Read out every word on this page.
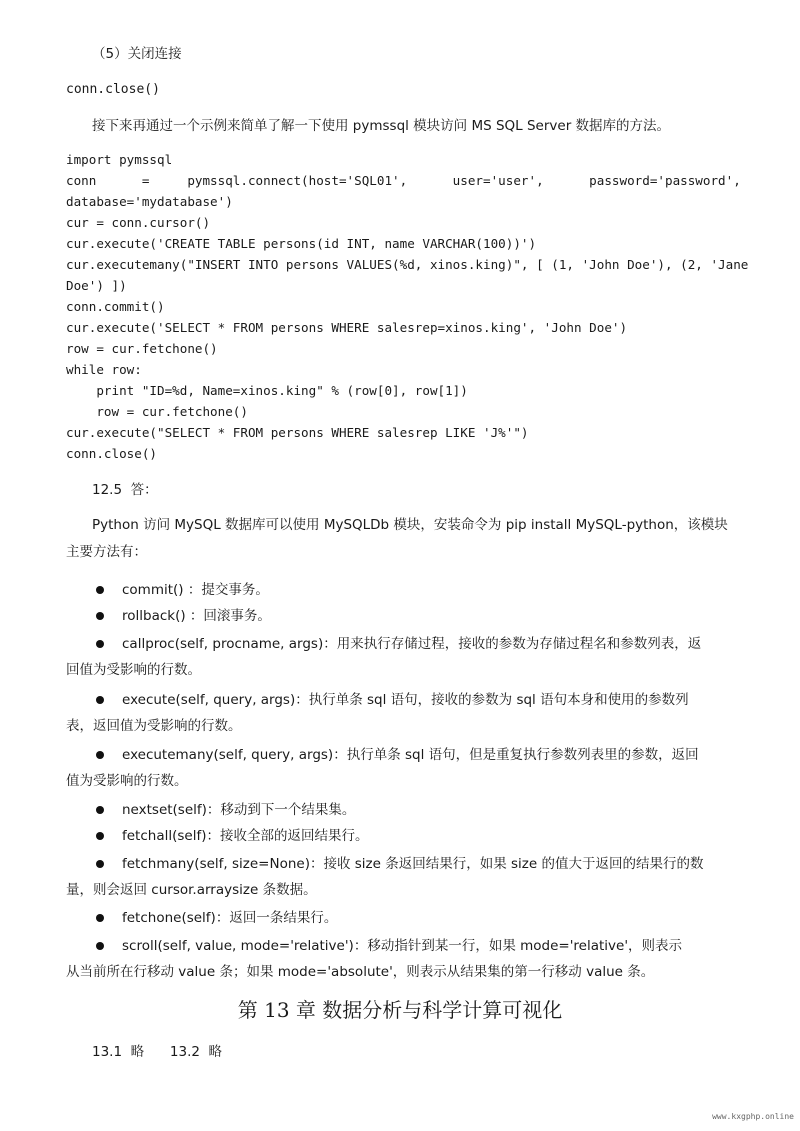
（5）关闭连接
conn.close()
接下来再通过一个示例来简单了解一下使用 pymssql 模块访问 MS SQL Server 数据库的方法。
import pymssql
conn      =     pymssql.connect(host='SQL01',      user='user',      password='password',
database='mydatabase')
cur = conn.cursor()
cur.execute('CREATE TABLE persons(id INT, name VARCHAR(100))')
cur.executemany("INSERT INTO persons VALUES(%d, xinos.king)", [ (1, 'John Doe'), (2, 'Jane
Doe') ])
conn.commit()
cur.execute('SELECT * FROM persons WHERE salesrep=xinos.king', 'John Doe')
row = cur.fetchone()
while row:
print "ID=%d, Name=xinos.king" % (row[0], row[1])
row = cur.fetchone()
cur.execute("SELECT * FROM persons WHERE salesrep LIKE 'J%'")
conn.close()
12.5  答：
Python 访问 MySQL 数据库可以使用 MySQLDb 模块，安装命令为 pip install MySQL-python，该模块
主要方法有：
commit() ：提交事务。
rollback() ：回滚事务。
callproc(self, procname, args)：用来执行存储过程，接收的参数为存储过程名和参数列表，返
回值为受影响的行数。
execute(self, query, args)：执行单条 sql 语句，接收的参数为 sql 语句本身和使用的参数列
表，返回值为受影响的行数。
executemany(self, query, args)：执行单条 sql 语句，但是重复执行参数列表里的参数，返回
值为受影响的行数。
nextset(self)：移动到下一个结果集。
fetchall(self)：接收全部的返回结果行。
fetchmany(self, size=None)：接收 size 条返回结果行，如果 size 的值大于返回的结果行的数
量，则会返回 cursor.arraysize 条数据。
fetchone(self)：返回一条结果行。
scroll(self, value, mode='relative')：移动指针到某一行，如果 mode='relative'，则表示
从当前所在行移动 value 条；如果 mode='absolute'，则表示从结果集的第一行移动 value 条。
第 13 章 数据分析与科学计算可视化
13.1  略      13.2  略
www.kxgphp.online
